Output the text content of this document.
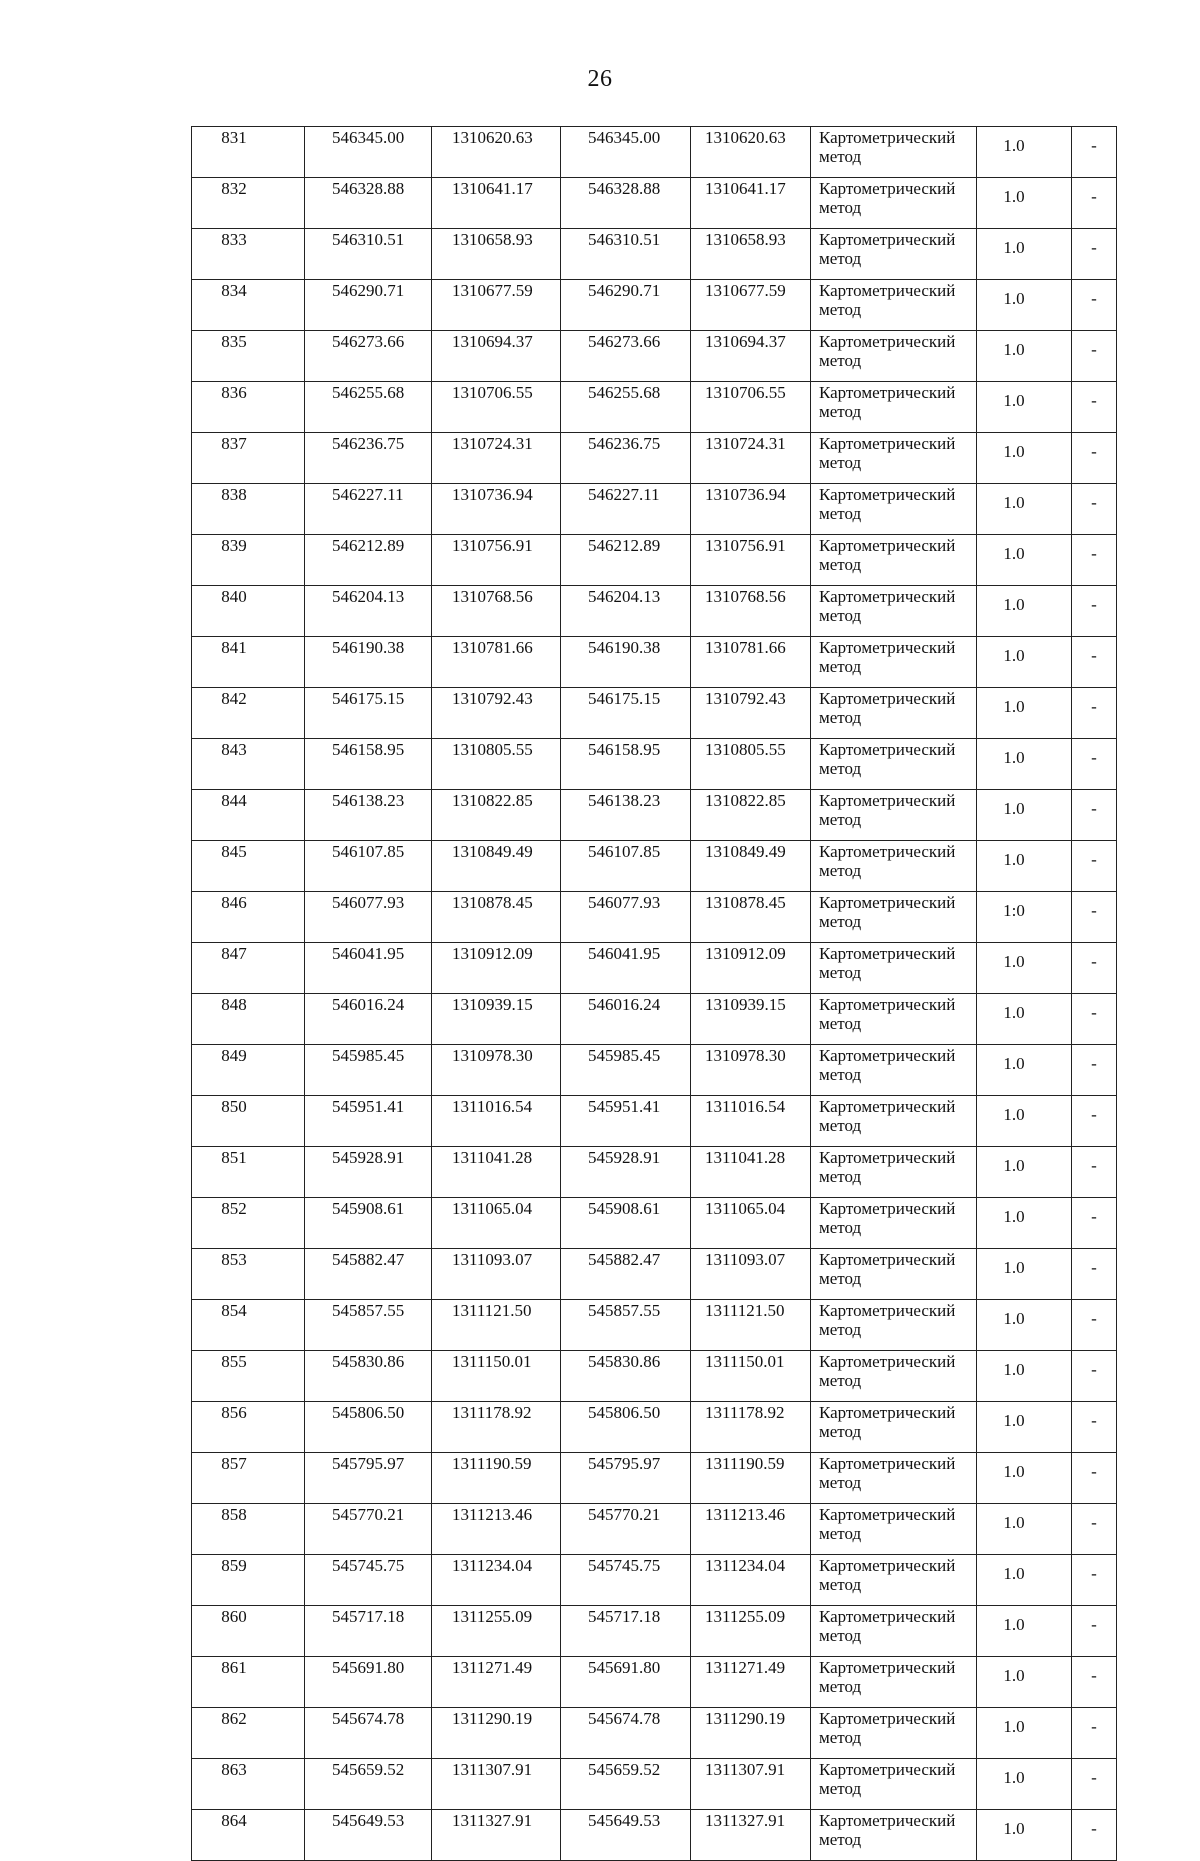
26
831	546345.00	1310620.63	546345.00	1310620.63	Картометрический метод	1.0	-
832	546328.88	1310641.17	546328.88	1310641.17	Картометрический метод	1.0	-
833	546310.51	1310658.93	546310.51	1310658.93	Картометрический метод	1.0	-
834	546290.71	1310677.59	546290.71	1310677.59	Картометрический метод	1.0	-
835	546273.66	1310694.37	546273.66	1310694.37	Картометрический метод	1.0	-
836	546255.68	1310706.55	546255.68	1310706.55	Картометрический метод	1.0	-
837	546236.75	1310724.31	546236.75	1310724.31	Картометрический метод	1.0	-
838	546227.11	1310736.94	546227.11	1310736.94	Картометрический метод	1.0	-
839	546212.89	1310756.91	546212.89	1310756.91	Картометрический метод	1.0	-
840	546204.13	1310768.56	546204.13	1310768.56	Картометрический метод	1.0	-
841	546190.38	1310781.66	546190.38	1310781.66	Картометрический метод	1.0	-
842	546175.15	1310792.43	546175.15	1310792.43	Картометрический метод	1.0	-
843	546158.95	1310805.55	546158.95	1310805.55	Картометрический метод	1.0	-
844	546138.23	1310822.85	546138.23	1310822.85	Картометрический метод	1.0	-
845	546107.85	1310849.49	546107.85	1310849.49	Картометрический метод	1.0	-
846	546077.93	1310878.45	546077.93	1310878.45	Картометрический метод	1:0	-
847	546041.95	1310912.09	546041.95	1310912.09	Картометрический метод	1.0	-
848	546016.24	1310939.15	546016.24	1310939.15	Картометрический метод	1.0	-
849	545985.45	1310978.30	545985.45	1310978.30	Картометрический метод	1.0	-
850	545951.41	1311016.54	545951.41	1311016.54	Картометрический метод	1.0	-
851	545928.91	1311041.28	545928.91	1311041.28	Картометрический метод	1.0	-
852	545908.61	1311065.04	545908.61	1311065.04	Картометрический метод	1.0	-
853	545882.47	1311093.07	545882.47	1311093.07	Картометрический метод	1.0	-
854	545857.55	1311121.50	545857.55	1311121.50	Картометрический метод	1.0	-
855	545830.86	1311150.01	545830.86	1311150.01	Картометрический метод	1.0	-
856	545806.50	1311178.92	545806.50	1311178.92	Картометрический метод	1.0	-
857	545795.97	1311190.59	545795.97	1311190.59	Картометрический метод	1.0	-
858	545770.21	1311213.46	545770.21	1311213.46	Картометрический метод	1.0	-
859	545745.75	1311234.04	545745.75	1311234.04	Картометрический метод	1.0	-
860	545717.18	1311255.09	545717.18	1311255.09	Картометрический метод	1.0	-
861	545691.80	1311271.49	545691.80	1311271.49	Картометрический метод	1.0	-
862	545674.78	1311290.19	545674.78	1311290.19	Картометрический метод	1.0	-
863	545659.52	1311307.91	545659.52	1311307.91	Картометрический метод	1.0	-
864	545649.53	1311327.91	545649.53	1311327.91	Картометрический метод	1.0	-
